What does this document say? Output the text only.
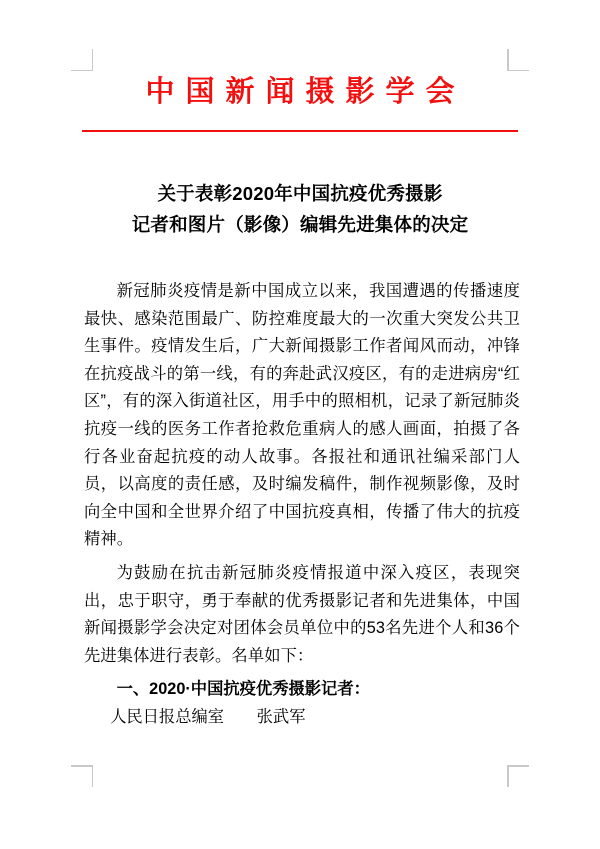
中国新闻摄影学会
关于表彰2020年中国抗疫优秀摄影
记者和图片（影像）编辑先进集体的决定

新冠肺炎疫情是新中国成立以来，我国遭遇的传播速度最快、感染范围最广、防控难度最大的一次重大突发公共卫生事件。疫情发生后，广大新闻摄影工作者闻风而动，冲锋在抗疫战斗的第一线，有的奔赴武汉疫区，有的走进病房“红区”，有的深入街道社区，用手中的照相机，记录了新冠肺炎抗疫一线的医务工作者抢救危重病人的感人画面，拍摄了各行各业奋起抗疫的动人故事。各报社和通讯社编采部门人员，以高度的责任感，及时编发稿件，制作视频影像，及时向全中国和全世界介绍了中国抗疫真相，传播了伟大的抗疫精神。

为鼓励在抗击新冠肺炎疫情报道中深入疫区，表现突出，忠于职守，勇于奉献的优秀摄影记者和先进集体，中国新闻摄影学会决定对团体会员单位中的53名先进个人和36个先进集体进行表彰。名单如下：

一、2020·中国抗疫优秀摄影记者：

人民日报总编室　　 张武军
